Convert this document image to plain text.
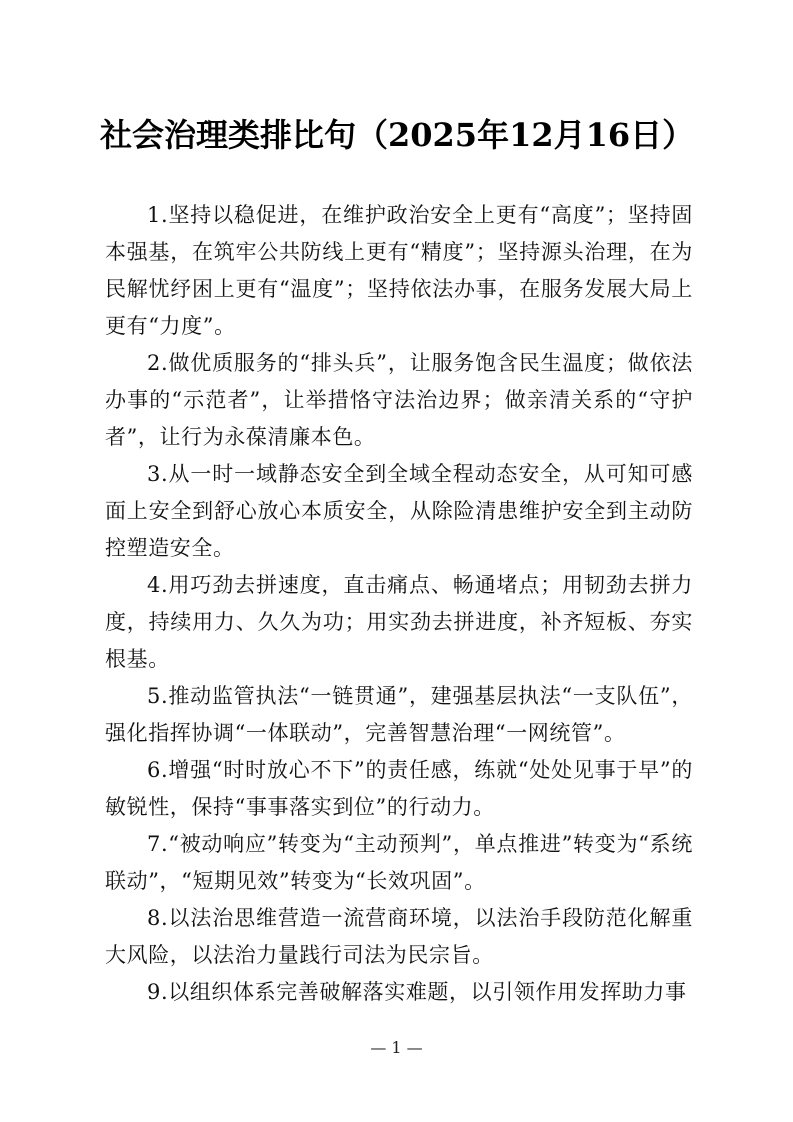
社会治理类排比句（2025年12月16日）

1.坚持以稳促进，在维护政治安全上更有“高度”；坚持固本强基，在筑牢公共防线上更有“精度”；坚持源头治理，在为民解忧纾困上更有“温度”；坚持依法办事，在服务发展大局上更有“力度”。

2.做优质服务的“排头兵”，让服务饱含民生温度；做依法办事的“示范者”，让举措恪守法治边界；做亲清关系的“守护者”，让行为永葆清廉本色。

3.从一时一域静态安全到全域全程动态安全，从可知可感面上安全到舒心放心本质安全，从除险清患维护安全到主动防控塑造安全。

4.用巧劲去拼速度，直击痛点、畅通堵点；用韧劲去拼力度，持续用力、久久为功；用实劲去拼进度，补齐短板、夯实根基。

5.推动监管执法“一链贯通”，建强基层执法“一支队伍”，强化指挥协调“一体联动”，完善智慧治理“一网统管”。

6.增强“时时放心不下”的责任感，练就“处处见事于早”的敏锐性，保持“事事落实到位”的行动力。

7.“被动响应”转变为“主动预判”，单点推进”转变为“系统联动”，“短期见效”转变为“长效巩固”。

8.以法治思维营造一流营商环境，以法治手段防范化解重大风险，以法治力量践行司法为民宗旨。

9.以组织体系完善破解落实难题，以引领作用发挥助力事

— 1 —
